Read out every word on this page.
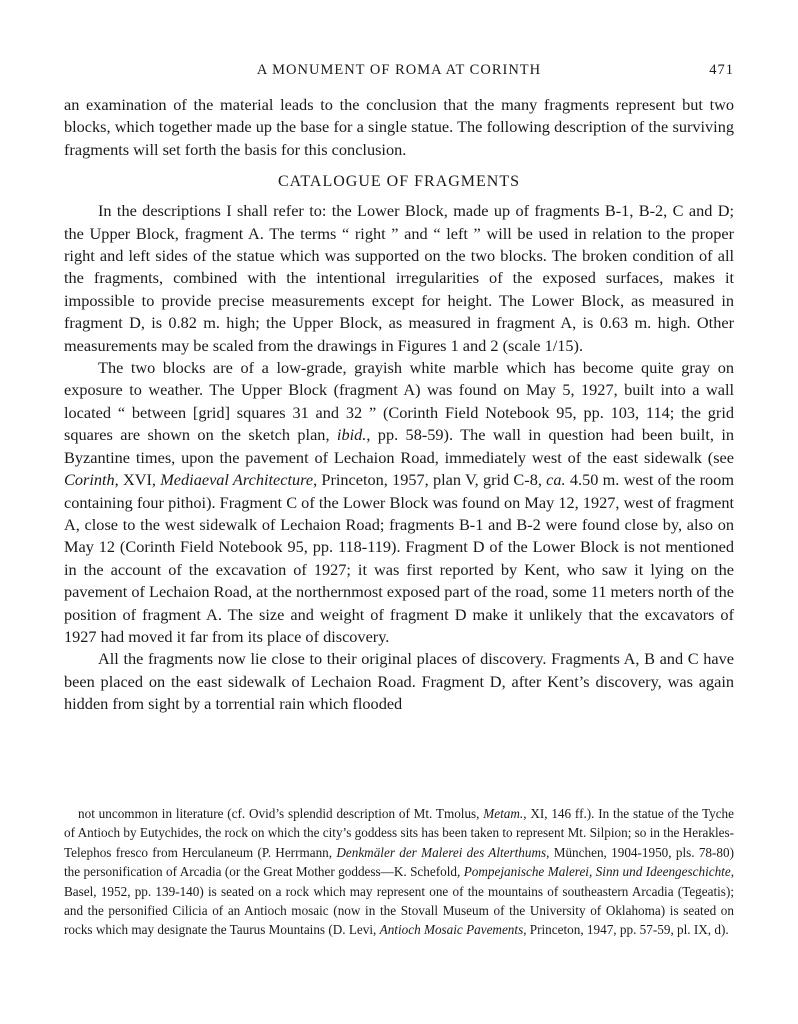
A MONUMENT OF ROMA AT CORINTH	471

an examination of the material leads to the conclusion that the many fragments represent but two blocks, which together made up the base for a single statue. The following description of the surviving fragments will set forth the basis for this conclusion.

CATALOGUE OF FRAGMENTS

In the descriptions I shall refer to: the Lower Block, made up of fragments B-1, B-2, C and D; the Upper Block, fragment A. The terms “ right ” and “ left ” will be used in relation to the proper right and left sides of the statue which was supported on the two blocks. The broken condition of all the fragments, combined with the intentional irregularities of the exposed surfaces, makes it impossible to provide precise measurements except for height. The Lower Block, as measured in fragment D, is 0.82 m. high; the Upper Block, as measured in fragment A, is 0.63 m. high. Other measurements may be scaled from the drawings in Figures 1 and 2 (scale 1/15).

The two blocks are of a low-grade, grayish white marble which has become quite gray on exposure to weather. The Upper Block (fragment A) was found on May 5, 1927, built into a wall located “ between [grid] squares 31 and 32 ” (Corinth Field Notebook 95, pp. 103, 114; the grid squares are shown on the sketch plan, ibid., pp. 58-59). The wall in question had been built, in Byzantine times, upon the pavement of Lechaion Road, immediately west of the east sidewalk (see Corinth, XVI, Mediaeval Architecture, Princeton, 1957, plan V, grid C-8, ca. 4.50 m. west of the room containing four pithoi). Fragment C of the Lower Block was found on May 12, 1927, west of fragment A, close to the west sidewalk of Lechaion Road; fragments B-1 and B-2 were found close by, also on May 12 (Corinth Field Notebook 95, pp. 118-119). Fragment D of the Lower Block is not mentioned in the account of the excavation of 1927; it was first reported by Kent, who saw it lying on the pavement of Lechaion Road, at the northernmost exposed part of the road, some 11 meters north of the position of fragment A. The size and weight of fragment D make it unlikely that the excavators of 1927 had moved it far from its place of discovery.

All the fragments now lie close to their original places of discovery. Fragments A, B and C have been placed on the east sidewalk of Lechaion Road. Fragment D, after Kent’s discovery, was again hidden from sight by a torrential rain which flooded

not uncommon in literature (cf. Ovid’s splendid description of Mt. Tmolus, Metam., XI, 146 ff.). In the statue of the Tyche of Antioch by Eutychides, the rock on which the city’s goddess sits has been taken to represent Mt. Silpion; so in the Herakles-Telephos fresco from Herculaneum (P. Herrmann, Denkmäler der Malerei des Alterthums, München, 1904-1950, pls. 78-80) the personification of Arcadia (or the Great Mother goddess—K. Schefold, Pompejanische Malerei, Sinn und Ideengeschichte, Basel, 1952, pp. 139-140) is seated on a rock which may represent one of the mountains of southeastern Arcadia (Tegeatis); and the personified Cilicia of an Antioch mosaic (now in the Stovall Museum of the University of Oklahoma) is seated on rocks which may designate the Taurus Mountains (D. Levi, Antioch Mosaic Pavements, Princeton, 1947, pp. 57-59, pl. IX, d).
